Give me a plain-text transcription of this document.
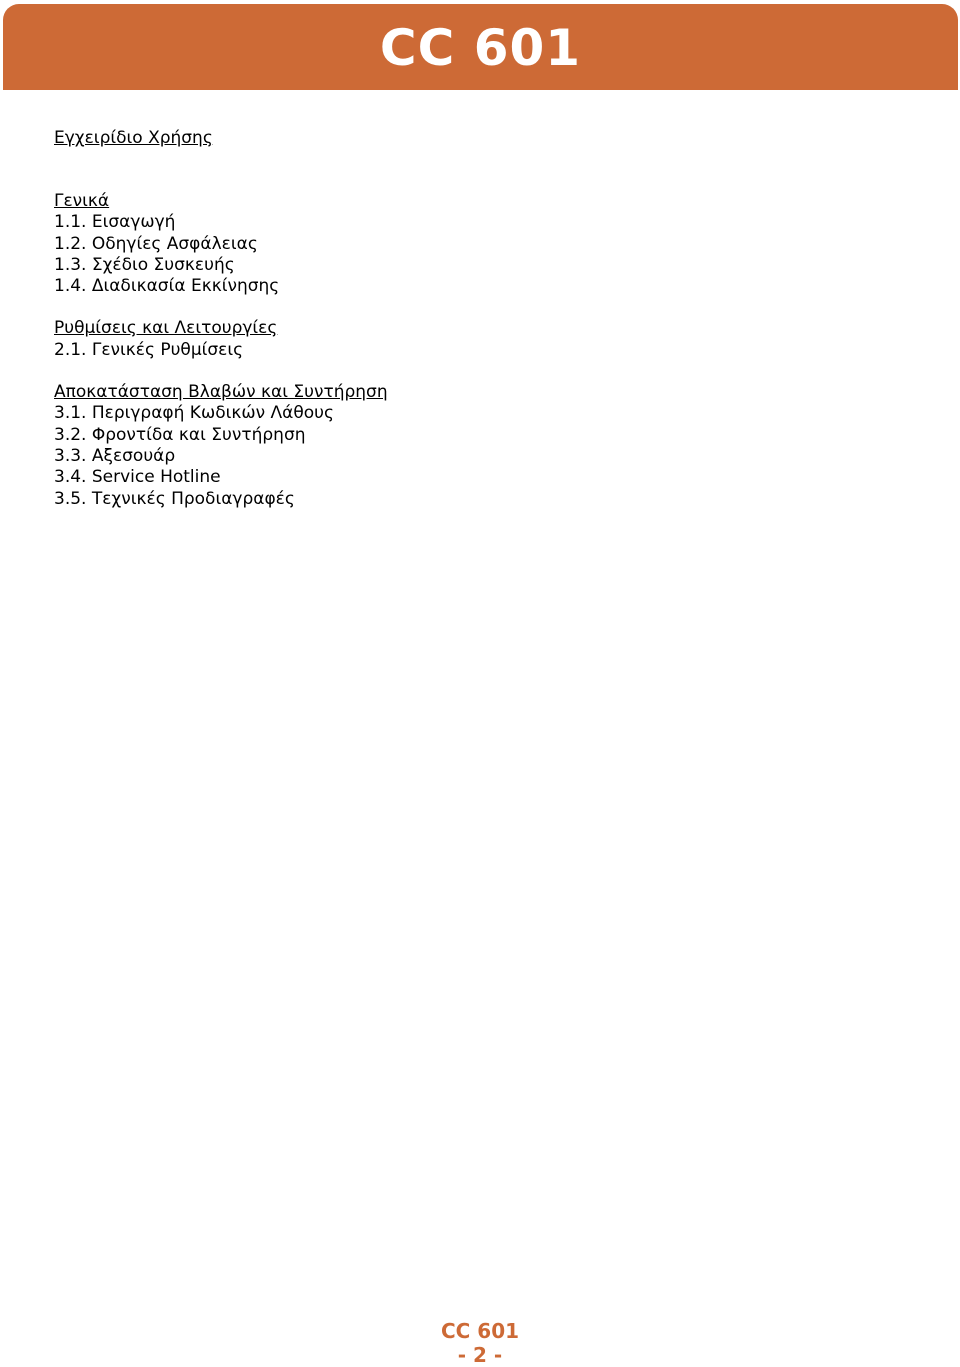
CC 601
Εγχειρίδιο Χρήσης
Γενικά
1.1. Εισαγωγή
1.2. Οδηγίες Ασφάλειας
1.3. Σχέδιο Συσκευής
1.4. Διαδικασία Εκκίνησης
Ρυθμίσεις και Λειτουργίες
2.1. Γενικές Ρυθμίσεις
Αποκατάσταση Βλαβών και Συντήρηση
3.1. Περιγραφή Κωδικών Λάθους
3.2. Φροντίδα και Συντήρηση
3.3. Αξεσουάρ
3.4. Service Hotline
3.5. Τεχνικές Προδιαγραφές
CC 601
- 2 -
